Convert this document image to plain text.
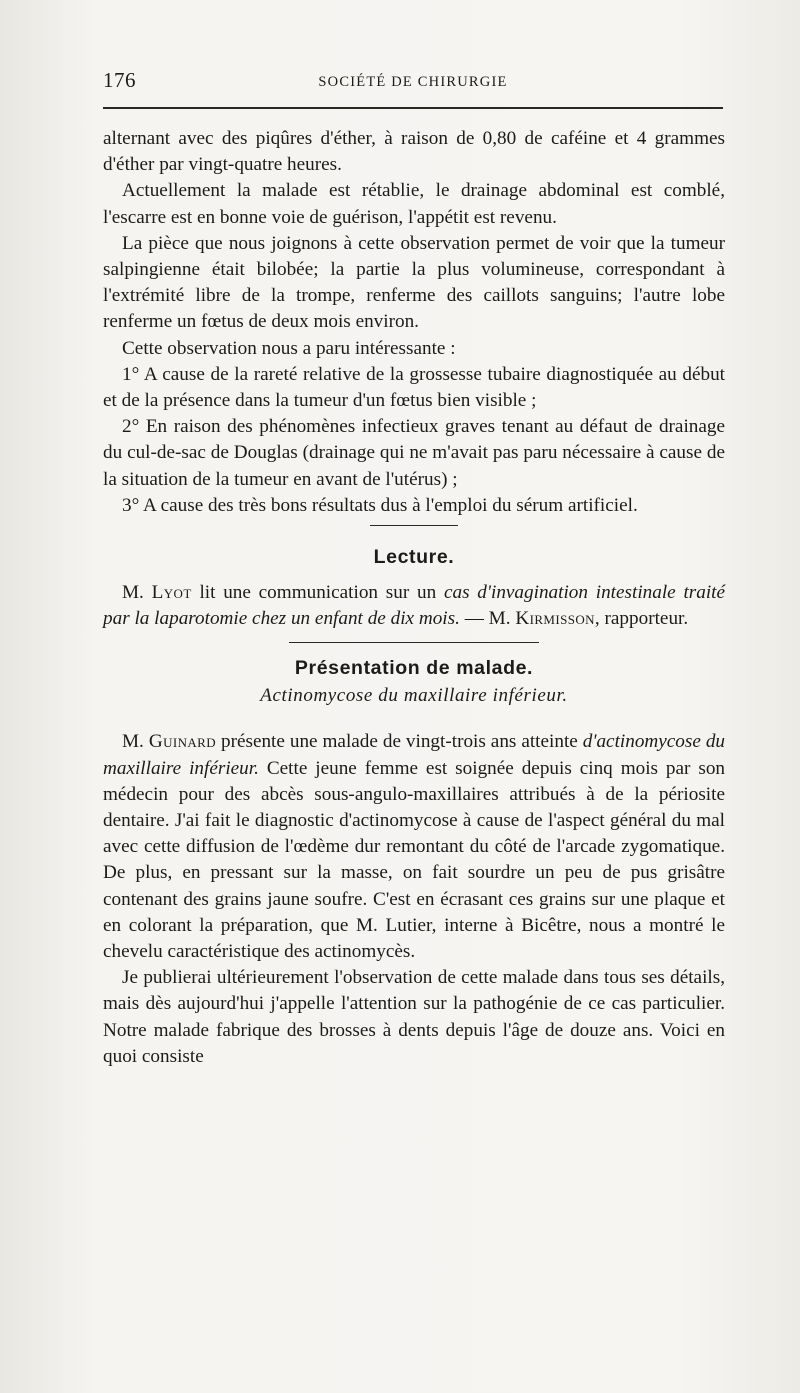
176	SOCIÉTÉ DE CHIRURGIE

alternant avec des piqûres d'éther, à raison de 0,80 de caféine et 4 grammes d'éther par vingt-quatre heures.

Actuellement la malade est rétablie, le drainage abdominal est comblé, l'escarre est en bonne voie de guérison, l'appétit est revenu.

La pièce que nous joignons à cette observation permet de voir que la tumeur salpingienne était bilobée; la partie la plus volumineuse, correspondant à l'extrémité libre de la trompe, renferme des caillots sanguins; l'autre lobe renferme un fœtus de deux mois environ.

Cette observation nous a paru intéressante :

1° A cause de la rareté relative de la grossesse tubaire diagnostiquée au début et de la présence dans la tumeur d'un fœtus bien visible ;

2° En raison des phénomènes infectieux graves tenant au défaut de drainage du cul-de-sac de Douglas (drainage qui ne m'avait pas paru nécessaire à cause de la situation de la tumeur en avant de l'utérus) ;

3° A cause des très bons résultats dus à l'emploi du sérum artificiel.

Lecture.

M. Lyot lit une communication sur un cas d'invagination intestinale traité par la laparotomie chez un enfant de dix mois. — M. Kirmisson, rapporteur.

Présentation de malade.
Actinomycose du maxillaire inférieur.

M. Guinard présente une malade de vingt-trois ans atteinte d'actinomycose du maxillaire inférieur. Cette jeune femme est soignée depuis cinq mois par son médecin pour des abcès sous-angulo-maxillaires attribués à de la périosite dentaire. J'ai fait le diagnostic d'actinomycose à cause de l'aspect général du mal avec cette diffusion de l'œdème dur remontant du côté de l'arcade zygomatique. De plus, en pressant sur la masse, on fait sourdre un peu de pus grisâtre contenant des grains jaune soufre. C'est en écrasant ces grains sur une plaque et en colorant la préparation, que M. Lutier, interne à Bicêtre, nous a montré le chevelu caractéristique des actinomycès.

Je publierai ultérieurement l'observation de cette malade dans tous ses détails, mais dès aujourd'hui j'appelle l'attention sur la pathogénie de ce cas particulier. Notre malade fabrique des brosses à dents depuis l'âge de douze ans. Voici en quoi consiste
